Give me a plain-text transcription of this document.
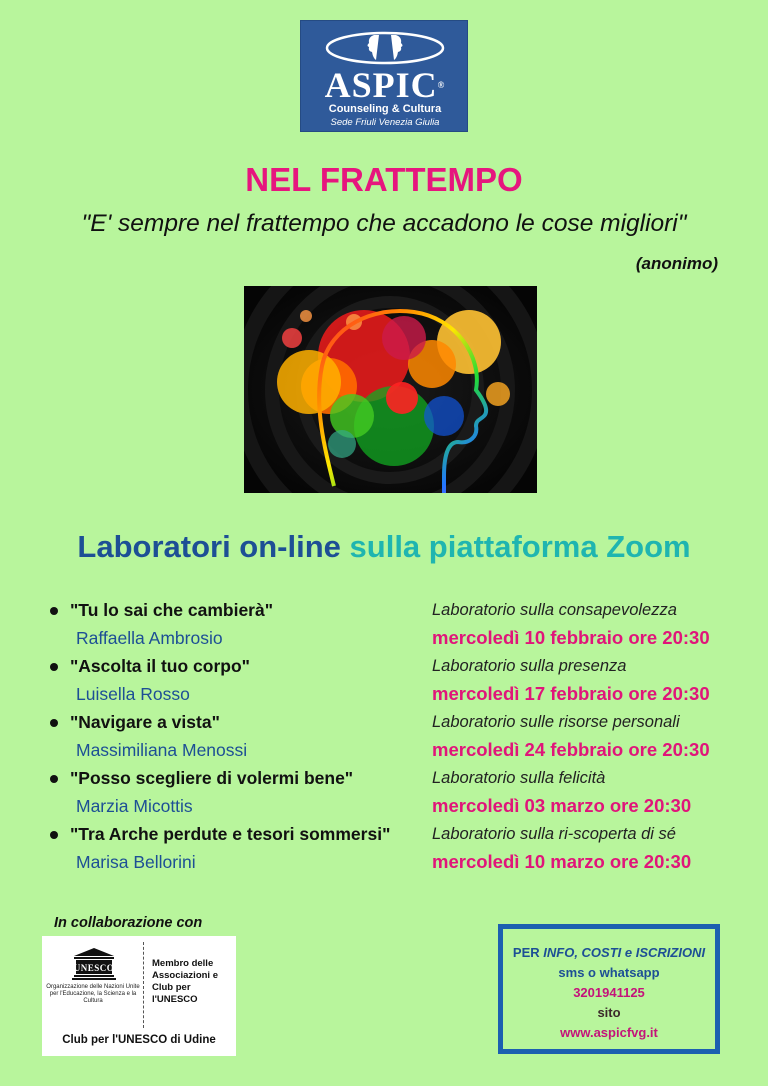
ASPIC®
Counseling & Cultura
Sede Friuli Venezia Giulia
NEL FRATTEMPO
"E' sempre nel frattempo che accadono le cose migliori"
(anonimo)
Laboratori on-line sulla piattaforma Zoom
"Tu lo sai che cambierà"	Laboratorio sulla consapevolezza
Raffaella Ambrosio	mercoledì 10 febbraio ore 20:30
"Ascolta il tuo corpo"	Laboratorio sulla presenza
Luisella Rosso	mercoledì 17 febbraio ore 20:30
"Navigare a vista"	Laboratorio sulle risorse personali
Massimiliana Menossi	mercoledì 24 febbraio ore 20:30
"Posso scegliere di volermi bene"	Laboratorio sulla felicità
Marzia Micottis	mercoledì 03 marzo ore 20:30
"Tra Arche perdute e tesori sommersi"	Laboratorio sulla ri-scoperta di sé
Marisa Bellorini	mercoledì 10 marzo ore 20:30
In collaborazione con
UNESCO
Organizzazione delle Nazioni Unite per l'Educazione, la Scienza e la Cultura
Membro delle Associazioni e Club per l'UNESCO
Club per l'UNESCO di Udine
PER INFO, COSTI e ISCRIZIONI
sms o whatsapp
3201941125
sito
www.aspicfvg.it
